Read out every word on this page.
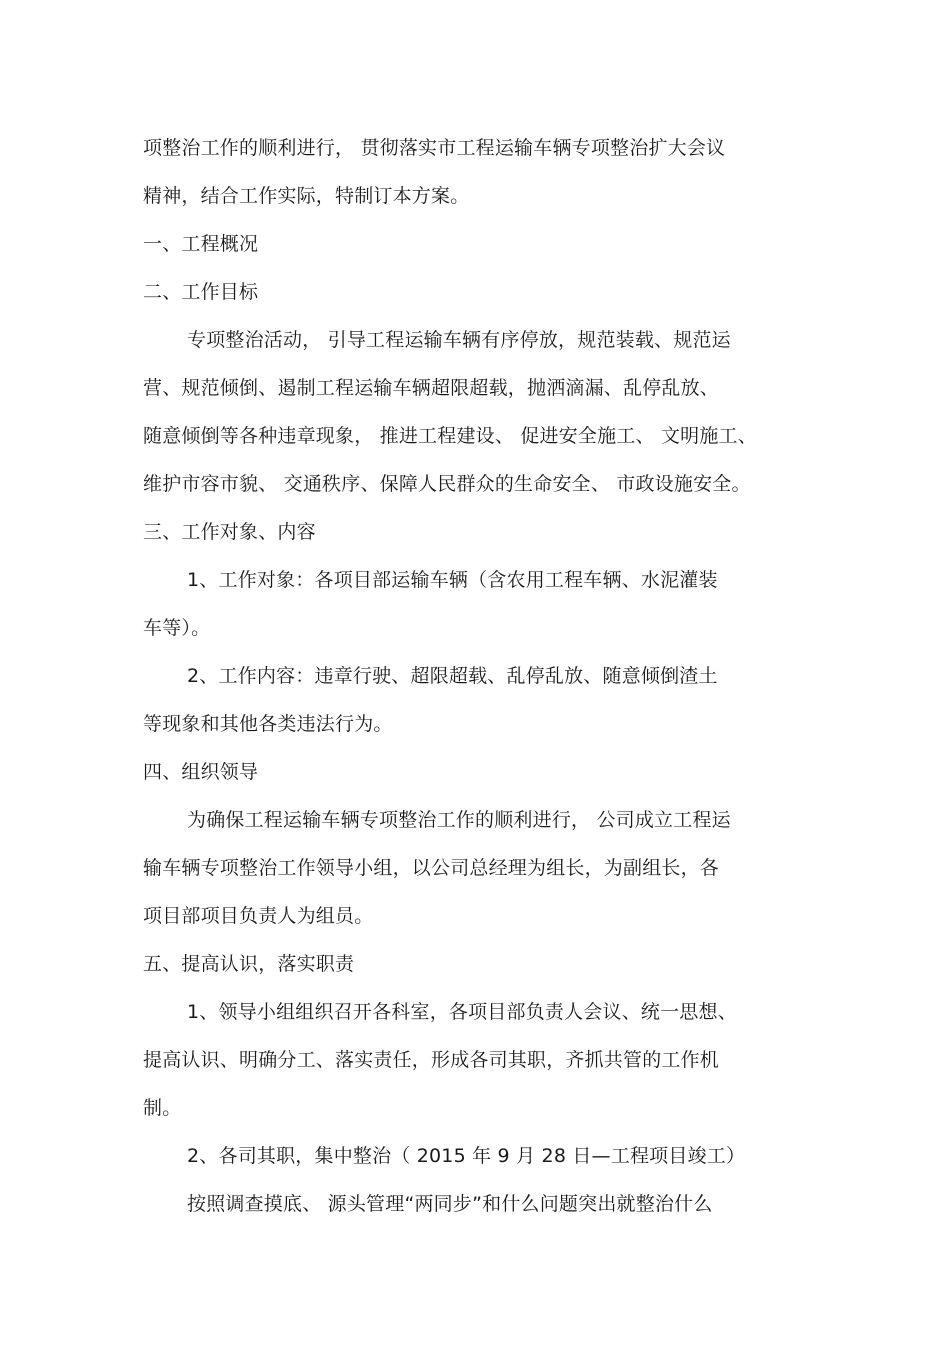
项整治工作的顺利进行， 贯彻落实市工程运输车辆专项整治扩大会议
精神，结合工作实际，特制订本方案。
一、工程概况
二、工作目标
专项整治活动， 引导工程运输车辆有序停放，规范装载、规范运
营、规范倾倒、遏制工程运输车辆超限超载，抛洒滴漏、乱停乱放、
随意倾倒等各种违章现象， 推进工程建设、 促进安全施工、 文明施工、
维护市容市貌、 交通秩序、保障人民群众的生命安全、 市政设施安全。
三、工作对象、内容
1、工作对象：各项目部运输车辆（含农用工程车辆、水泥灌装
车等）。
2、工作内容：违章行驶、超限超载、乱停乱放、随意倾倒渣土
等现象和其他各类违法行为。
四、组织领导
为确保工程运输车辆专项整治工作的顺利进行， 公司成立工程运
输车辆专项整治工作领导小组，以公司总经理为组长，为副组长，各
项目部项目负责人为组员。
五、提高认识，落实职责
1、领导小组组织召开各科室，各项目部负责人会议、统一思想、
提高认识、明确分工、落实责任，形成各司其职，齐抓共管的工作机
制。
2、各司其职，集中整治（ 2015 年 9 月 28 日—工程项目竣工）
按照调查摸底、 源头管理“两同步”和什么问题突出就整治什么
